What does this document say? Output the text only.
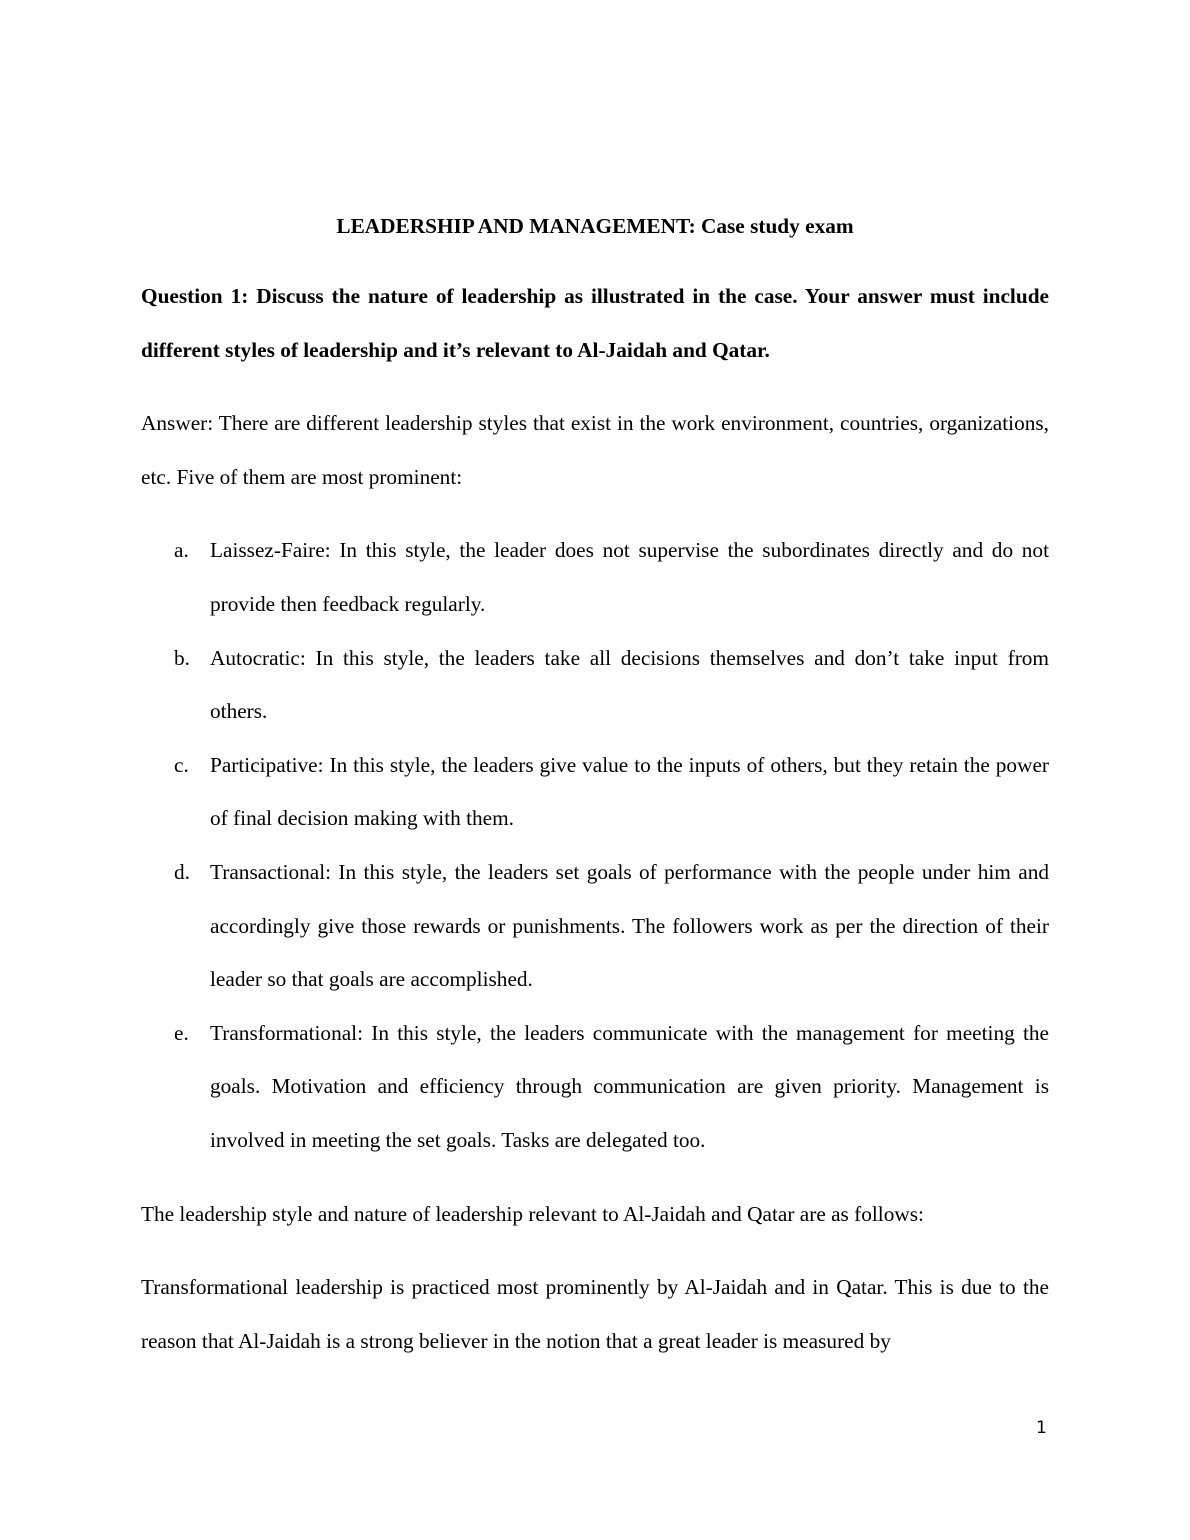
LEADERSHIP AND MANAGEMENT: Case study exam

Question 1: Discuss the nature of leadership as illustrated in the case. Your answer must include different styles of leadership and it’s relevant to Al-Jaidah and Qatar.

Answer: There are different leadership styles that exist in the work environment, countries, organizations, etc. Five of them are most prominent:

a. Laissez-Faire: In this style, the leader does not supervise the subordinates directly and do not provide then feedback regularly.
b. Autocratic: In this style, the leaders take all decisions themselves and don’t take input from others.
c. Participative: In this style, the leaders give value to the inputs of others, but they retain the power of final decision making with them.
d. Transactional: In this style, the leaders set goals of performance with the people under him and accordingly give those rewards or punishments. The followers work as per the direction of their leader so that goals are accomplished.
e. Transformational: In this style, the leaders communicate with the management for meeting the goals. Motivation and efficiency through communication are given priority. Management is involved in meeting the set goals. Tasks are delegated too.

The leadership style and nature of leadership relevant to Al-Jaidah and Qatar are as follows:

Transformational leadership is practiced most prominently by Al-Jaidah and in Qatar. This is due to the reason that Al-Jaidah is a strong believer in the notion that a great leader is measured by

1
